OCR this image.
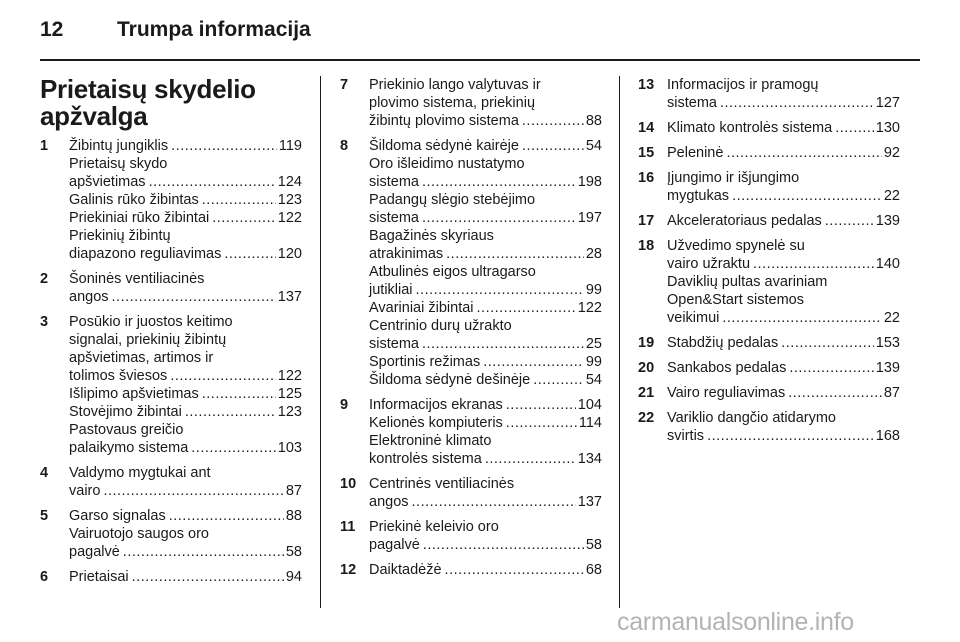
12	Trumpa informacija
Prietaisų skydelio
apžvalga
1	Žibintų jungiklis .....	119
Prietaisų skydo
apšvietimas .....	124
Galinis rūko žibintas .....	123
Priekiniai rūko žibintai .....	122
Priekinių žibintų
diapazono reguliavimas .....	120
2	Šoninės ventiliacinės
angos .....	137
3	Posūkio ir juostos keitimo
signalai, priekinių žibintų
apšvietimas, artimos ir
tolimos šviesos .....	122
Išlipimo apšvietimas .....	125
Stovėjimo žibintai .....	123
Pastovaus greičio
palaikymo sistema .....	103
4	Valdymo mygtukai ant
vairo .....	87
5	Garso signalas .....	88
Vairuotojo saugos oro
pagalvė .....	58
6	Prietaisai .....	94
7	Priekinio lango valytuvas ir
plovimo sistema, priekinių
žibintų plovimo sistema .....	88
8	Šildoma sėdynė kairėje .....	54
Oro išleidimo nustatymo
sistema .....	198
Padangų slėgio stebėjimo
sistema .....	197
Bagažinės skyriaus
atrakinimas .....	28
Atbulinės eigos ultragarso
jutikliai .....	99
Avariniai žibintai .....	122
Centrinio durų užrakto
sistema .....	25
Sportinis režimas .....	99
Šildoma sėdynė dešinėje .....	54
9	Informacijos ekranas .....	104
Kelionės kompiuteris .....	114
Elektroninė klimato
kontrolės sistema .....	134
10 Centrinės ventiliacinės
angos .....	137
11 Priekinė keleivio oro
pagalvė .....	58
12 Daiktadėžė .....	68
13 Informacijos ir pramogų
sistema .....	127
14 Klimato kontrolės sistema .....	130
15 Peleninė .....	92
16 Įjungimo ir išjungimo
mygtukas .....	22
17 Akceleratoriaus pedalas .....	139
18 Užvedimo spynelė su
vairo užraktu .....	140
Daviklių pultas avariniam
Open&Start sistemos
veikimui .....	22
19 Stabdžių pedalas .....	153
20 Sankabos pedalas .....	139
21 Vairo reguliavimas .....	87
22 Variklio dangčio atidarymo
svirtis .....	168
carmanualsonline.info
